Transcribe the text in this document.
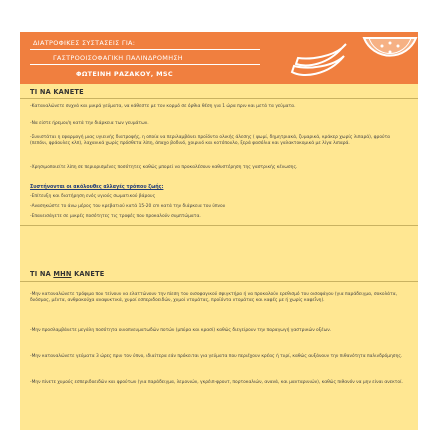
ΔΙΑΤΡΟΦΙΚΕΣ ΣΥΣΤΑΣΕΙΣ ΓΙΑ:
ΓΑΣΤΡΟΟΙΣΟΦΑΓΙΚΗ ΠΑΛΙΝΔΡΟΜΗΣΗ
ΦΩΤΕΙΝΗ ΡΑΖΑΚΟΥ, MSC
ΤΙ ΝΑ ΚΑΝΕΤΕ
-Καταναλώνετε συχνά και μικρά γεύματα, να κάθεστε με τον κορμό σε όρθια θέση για 1 ώρα πριν και μετά τα γεύματα.
-Να είστε ήρεμοι/η κατά την διάρκεια των γευμάτων.
-Συνιστάται η εφαρμογή μιας υγιεινής διατροφής, η οποία να περιλαμβάνει προϊόντα ολικής άλεσης ( ψωμί, δημητριακά, ζυμαρικά, κράκερ χωρίς λιπαρά), φρούτα (πεπόνι, φράουλες κλπ), λαχανικά χωρίς πρόσθετα λίπη, άπαχο βοδινό, χοιρινό και κοτόπουλο, ξερά φασόλια και γαλακτοκομικά με λίγα λιπαρά.
-Χρησιμοποιείτε λίπη σε περιορισμένες ποσότητες καθώς μπορεί να προκαλέσουν καθυστέρηση της γαστρικής κένωσης.
Συστήνονται οι ακόλουθες αλλαγές τρόπου ζωής:
-Επίτευξη και διατήρηση ενός υγιούς σωματικού βάρους
-Ανασηκώστε το άνω μέρος του κρεβατιού κατά 15-20 cm κατά την διάρκεια του ύπνου
-Επανεισάγετε σε μικρές ποσότητες τις τροφές που προκαλούν συμπτώματα.
ΤΙ ΝΑ ΜΗΝ ΚΑΝΕΤΕ
-Μην καταναλώνετε τρόφιμα που τείνουν να ελαττώνουν την πίεση του οισοφαγικού σφιγκτήρα ή να προκαλούν ερεθισμό του οισοφάγου (για παράδειγμα, σοκολάτα, δυόσμος, μέντα, ανθρακούχα αναψυκτικά, χυμοί εσπεριδοειδών, χυμοί ντομάτας, προϊόντα ντομάτας και καφές με ή χωρίς καφεΐνη).
-Μην προσλαμβάνετε μεγάλη ποσότητα οινοπνευματωδών ποτών (μπύρα και κρασί) καθώς διεγείρουν την παραγωγή γαστρικών οξέων.
-Μην καταναλώνετε γεύματα 3 ώρες πριν τον ύπνο, ιδιαίτερα εάν πρόκειται για γεύματα που περιέχουν κρέας ή τυρί, καθώς αυξάνουν την πιθανότητα παλινδρόμησης.
-Μην πίνετε χυμούς εσπεριδοειδών και φρούτων (για παράδειγμα, λεμονιών, γκρέιπ-φρουτ, πορτοκαλιών, ανανά, και μανταρινιών), καθώς πιθανόν να μην είναι ανεκτοί.
